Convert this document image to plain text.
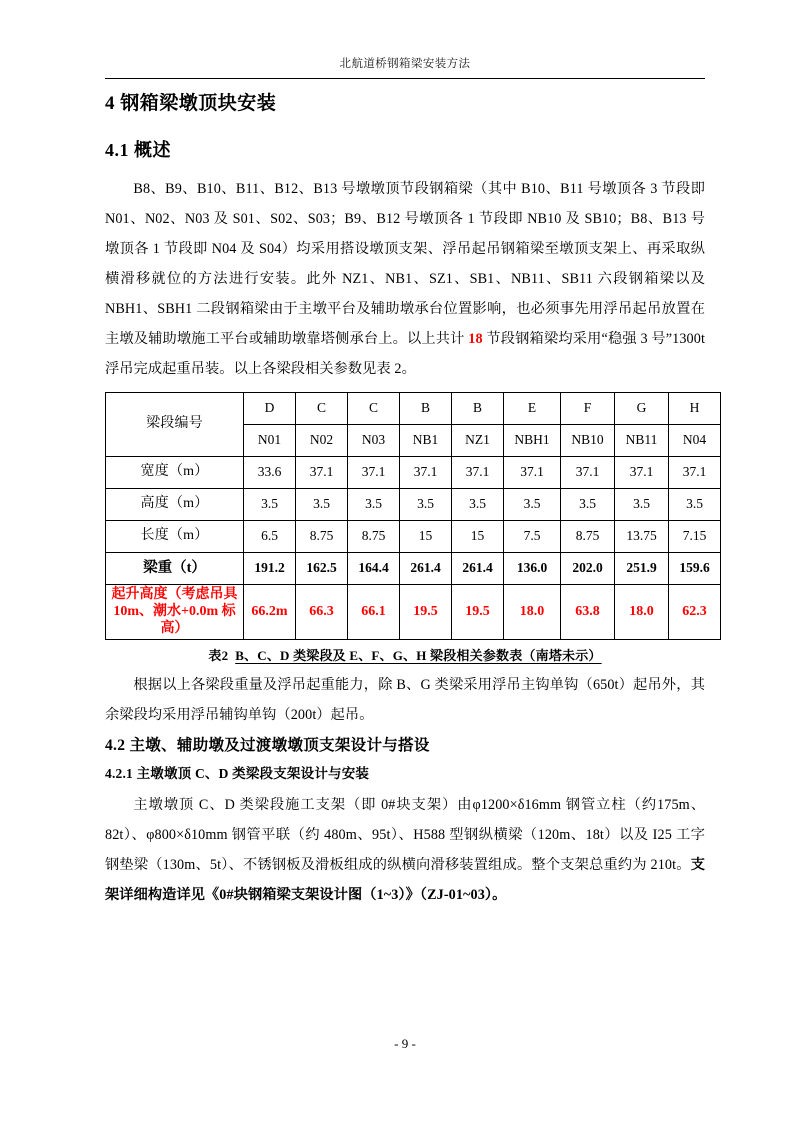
北航道桥钢箱梁安装方法
4 钢箱梁墩顶块安装
4.1 概述

B8、B9、B10、B11、B12、B13 号墩墩顶节段钢箱梁（其中 B10、B11 号墩顶各 3 节段即 N01、N02、N03 及 S01、S02、S03；B9、B12 号墩顶各 1 节段即 NB10 及 SB10；B8、B13 号墩顶各 1 节段即 N04 及 S04）均采用搭设墩顶支架、浮吊起吊钢箱梁至墩顶支架上、再采取纵横滑移就位的方法进行安装。此外 NZ1、NB1、SZ1、SB1、NB11、SB11 六段钢箱梁以及 NBH1、SBH1 二段钢箱梁由于主墩平台及辅助墩承台位置影响，也必须事先用浮吊起吊放置在主墩及辅助墩施工平台或辅助墩靠塔侧承台上。以上共计 18 节段钢箱梁均采用“稳强 3 号”1300t 浮吊完成起重吊装。以上各梁段相关参数见表 2。

梁段编号	D	C	C	B	B	E	F	G	H
	N01	N02	N03	NB1	NZ1	NBH1	NB10	NB11	N04
宽度（m）	33.6	37.1	37.1	37.1	37.1	37.1	37.1	37.1	37.1
高度（m）	3.5	3.5	3.5	3.5	3.5	3.5	3.5	3.5	3.5
长度（m）	6.5	8.75	8.75	15	15	7.5	8.75	13.75	7.15
梁重（t）	191.2	162.5	164.4	261.4	261.4	136.0	202.0	251.9	159.6
起升高度（考虑吊具
10m、潮水+0.0m 标高）	66.2m	66.3	66.1	19.5	19.5	18.0	63.8	18.0	62.3
表2 B、C、D 类梁段及 E、F、G、H 梁段相关参数表（南塔未示）

根据以上各梁段重量及浮吊起重能力，除 B、G 类梁采用浮吊主钩单钩（650t）起吊外，其余梁段均采用浮吊辅钩单钩（200t）起吊。

4.2 主墩、辅助墩及过渡墩墩顶支架设计与搭设
4.2.1 主墩墩顶 C、D 类梁段支架设计与安装

主墩墩顶 C、D 类梁段施工支架（即 0#块支架）由φ1200×δ16mm 钢管立柱（约175m、82t）、φ800×δ10mm 钢管平联（约 480m、95t）、H588 型钢纵横梁（120m、18t）以及 I25 工字钢垫梁（130m、5t）、不锈钢板及滑板组成的纵横向滑移装置组成。整个支架总重约为 210t。支架详细构造详见《0#块钢箱梁支架设计图（1~3）》（ZJ-01~03）。

- 9 -
